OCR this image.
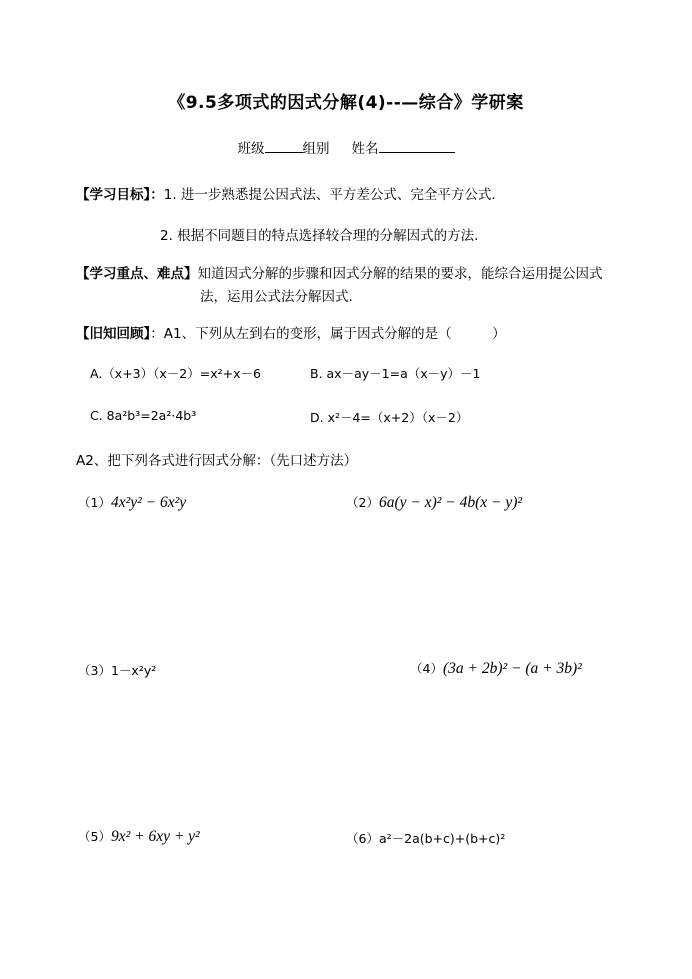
《9.5多项式的因式分解(4)--—综合》学研案
班级	组别 姓名
【学习目标】：1. 进一步熟悉提公因式法、平方差公式、完全平方公式.
2. 根据不同题目的特点选择较合理的分解因式的方法.
【学习重点、难点】知道因式分解的步骤和因式分解的结果的要求，能综合运用提公因式
法，运用公式法分解因式.
【旧知回顾】：A1、下列从左到右的变形，属于因式分解的是（　　　）
A.（x+3）（x－2）=x²+x－6	B. ax－ay－1=a（x－y）－1
C. 8a²b³=2a²·4b³	D. x²－4=（x+2）（x－2）
A2、把下列各式进行因式分解：（先口述方法）
（1）4x²y² − 6x²y	（2）6a(y − x)² − 4b(x − y)²
（3）1－x²y²	（4）(3a + 2b)² − (a + 3b)²
（5）9x² + 6xy + y²	（6）a²－2a(b+c)+(b+c)²
